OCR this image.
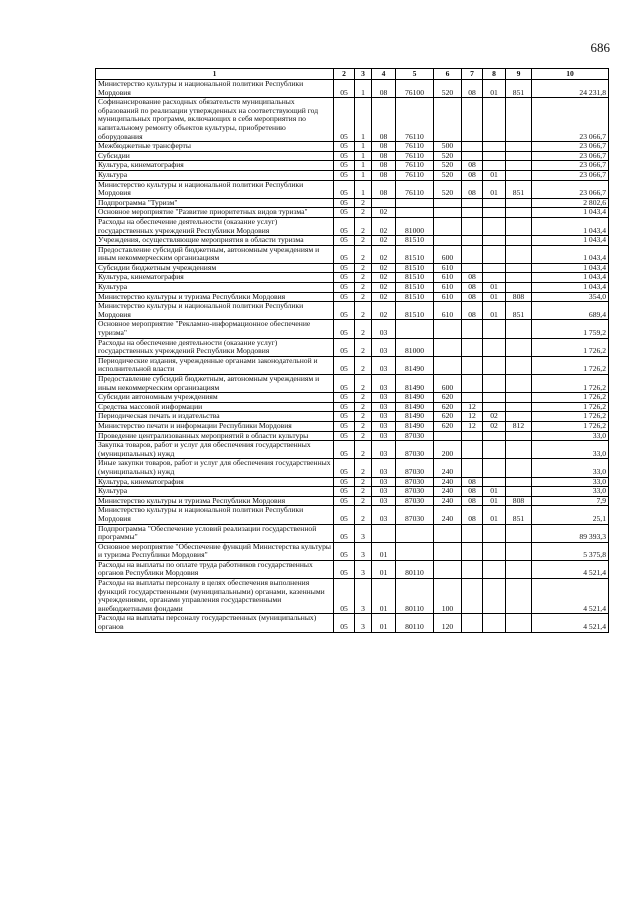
686
1	2	3	4	5	6	7	8	9	10
Министерство культуры и национальной политики Республики Мордовия	05	1	08	76100	520	08	01	851	24 231,8
Софинансирование расходных обязательств муниципальных образований по реализации утвержденных на соответствующий год муниципальных программ, включающих в себя мероприятия по капитальному ремонту объектов культуры, приобретению оборудования	05	1	08	76110					23 066,7
Межбюджетные трансферты	05	1	08	76110	500				23 066,7
Субсидии	05	1	08	76110	520				23 066,7
Культура, кинематография	05	1	08	76110	520	08			23 066,7
Культура	05	1	08	76110	520	08	01		23 066,7
Министерство культуры и национальной политики Республики Мордовия	05	1	08	76110	520	08	01	851	23 066,7
Подпрограмма "Туризм"	05	2							2 802,6
Основное мероприятие "Развитие приоритетных видов туризма"	05	2	02						1 043,4
Расходы на обеспечение деятельности (оказание услуг) государственных учреждений Республики Мордовия	05	2	02	81000					1 043,4
Учреждения, осуществляющие мероприятия в области туризма	05	2	02	81510					1 043,4
Предоставление субсидий бюджетным, автономным учреждениям и иным некоммерческим организациям	05	2	02	81510	600				1 043,4
Субсидии бюджетным учреждениям	05	2	02	81510	610				1 043,4
Культура, кинематография	05	2	02	81510	610	08			1 043,4
Культура	05	2	02	81510	610	08	01		1 043,4
Министерство культуры и туризма Республики Мордовия	05	2	02	81510	610	08	01	808	354,0
Министерство культуры и национальной политики Республики Мордовия	05	2	02	81510	610	08	01	851	689,4
Основное мероприятие "Рекламно-информационное обеспечение туризма"	05	2	03						1 759,2
Расходы на обеспечение деятельности (оказание услуг) государственных учреждений Республики Мордовия	05	2	03	81000					1 726,2
Периодические издания, учрежденные органами законодательной и исполнительной власти	05	2	03	81490					1 726,2
Предоставление субсидий бюджетным, автономным учреждениям и иным некоммерческим организациям	05	2	03	81490	600				1 726,2
Субсидии автономным учреждениям	05	2	03	81490	620				1 726,2
Средства массовой информации	05	2	03	81490	620	12			1 726,2
Периодическая печать и издательства	05	2	03	81490	620	12	02		1 726,2
Министерство печати и информации Республики Мордовия	05	2	03	81490	620	12	02	812	1 726,2
Проведение централизованных мероприятий в области культуры	05	2	03	87030					33,0
Закупка товаров, работ и услуг для обеспечения государственных (муниципальных) нужд	05	2	03	87030	200				33,0
Иные закупки товаров, работ и услуг для обеспечения государственных (муниципальных) нужд	05	2	03	87030	240				33,0
Культура, кинематография	05	2	03	87030	240	08			33,0
Культура	05	2	03	87030	240	08	01		33,0
Министерство культуры и туризма Республики Мордовия	05	2	03	87030	240	08	01	808	7,9
Министерство культуры и национальной политики Республики Мордовия	05	2	03	87030	240	08	01	851	25,1
Подпрограмма "Обеспечение условий реализации государственной программы"	05	3							89 393,3
Основное мероприятие "Обеспечение функций Министерства культуры и туризма Республики Мордовия"	05	3	01						5 375,8
Расходы на выплаты по оплате труда работников государственных органов Республики Мордовия	05	3	01	80110					4 521,4
Расходы на выплаты персоналу в целях обеспечения выполнения функций государственными (муниципальными) органами, казенными учреждениями, органами управления государственными внебюджетными фондами	05	3	01	80110	100				4 521,4
Расходы на выплаты персоналу государственных (муниципальных) органов	05	3	01	80110	120				4 521,4
